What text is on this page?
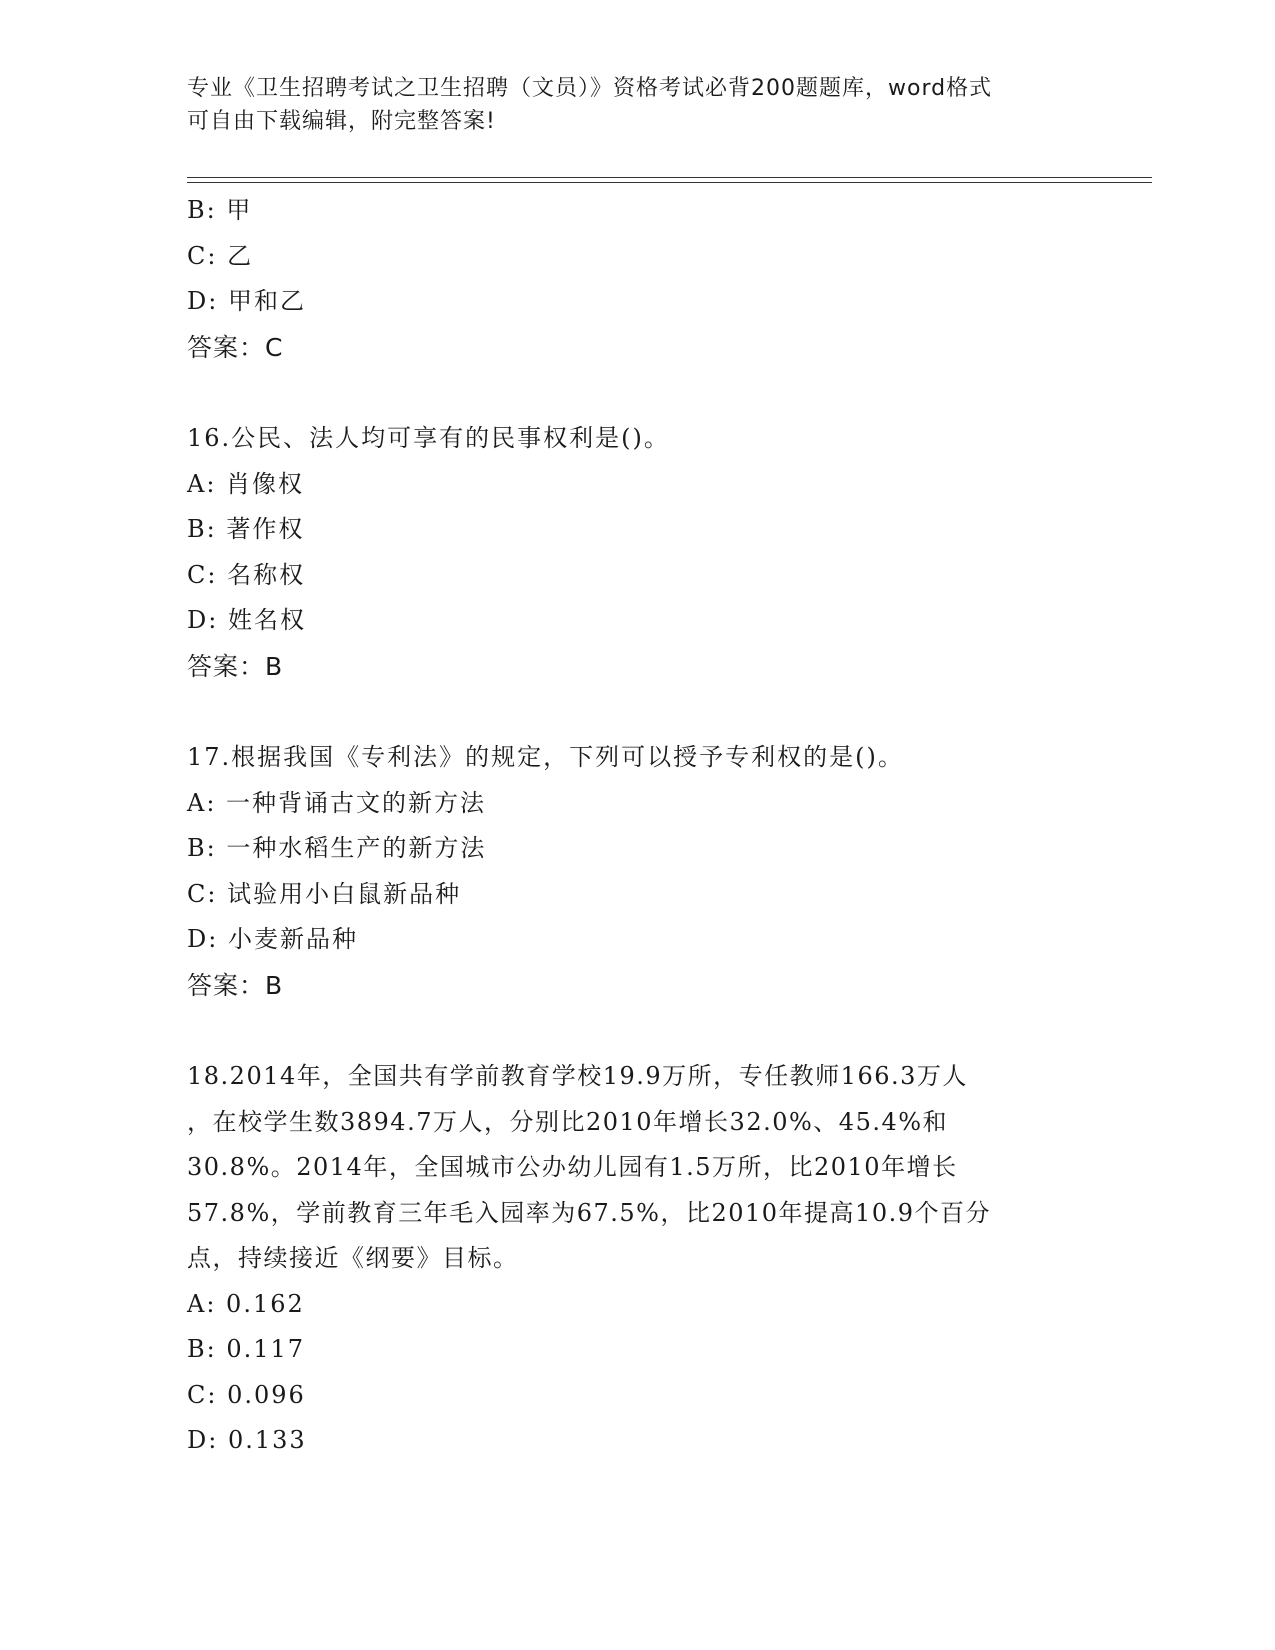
专业《卫生招聘考试之卫生招聘（文员）》资格考试必背200题题库，word格式
可自由下载编辑，附完整答案!
B: 甲
C: 乙
D: 甲和乙
答案：C
16.公民、法人均可享有的民事权利是()。
A: 肖像权
B: 著作权
C: 名称权
D: 姓名权
答案：B
17.根据我国《专利法》的规定，下列可以授予专利权的是()。
A: 一种背诵古文的新方法
B: 一种水稻生产的新方法
C: 试验用小白鼠新品种
D: 小麦新品种
答案：B
18.2014年，全国共有学前教育学校19.9万所，专任教师166.3万人
，在校学生数3894.7万人，分别比2010年增长32.0%、45.4%和
30.8%。2014年，全国城市公办幼儿园有1.5万所，比2010年增长
57.8%，学前教育三年毛入园率为67.5%，比2010年提高10.9个百分
点，持续接近《纲要》目标。
A: 0.162
B: 0.117
C: 0.096
D: 0.133
